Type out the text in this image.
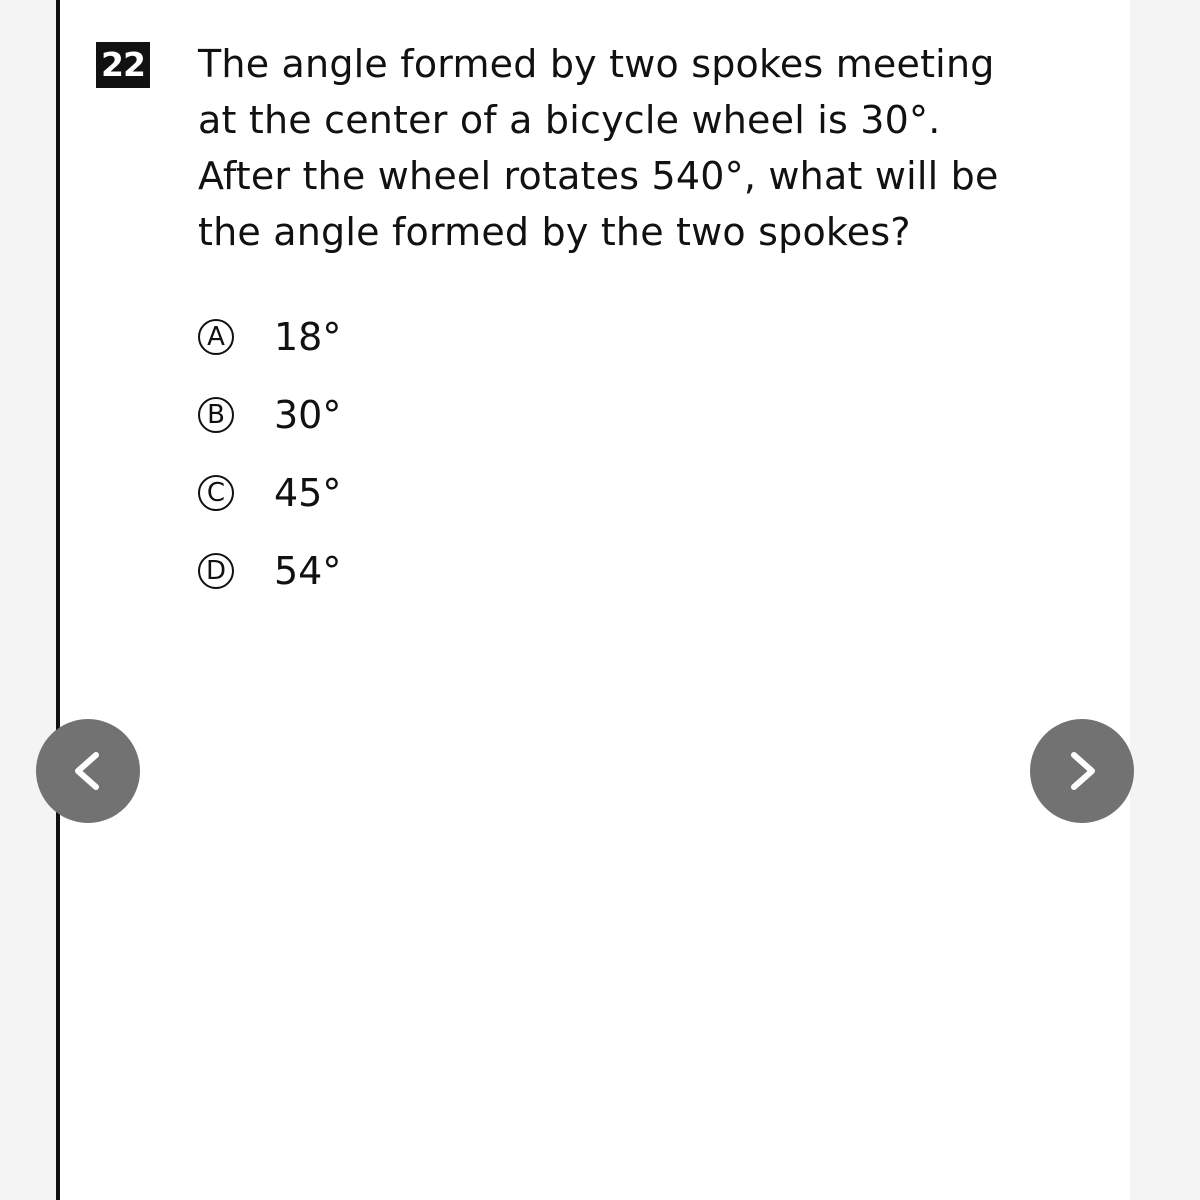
22 The angle formed by two spokes meeting
at the center of a bicycle wheel is 30°.
After the wheel rotates 540°, what will be
the angle formed by the two spokes?

A 18°
B 30°
C 45°
D 54°
